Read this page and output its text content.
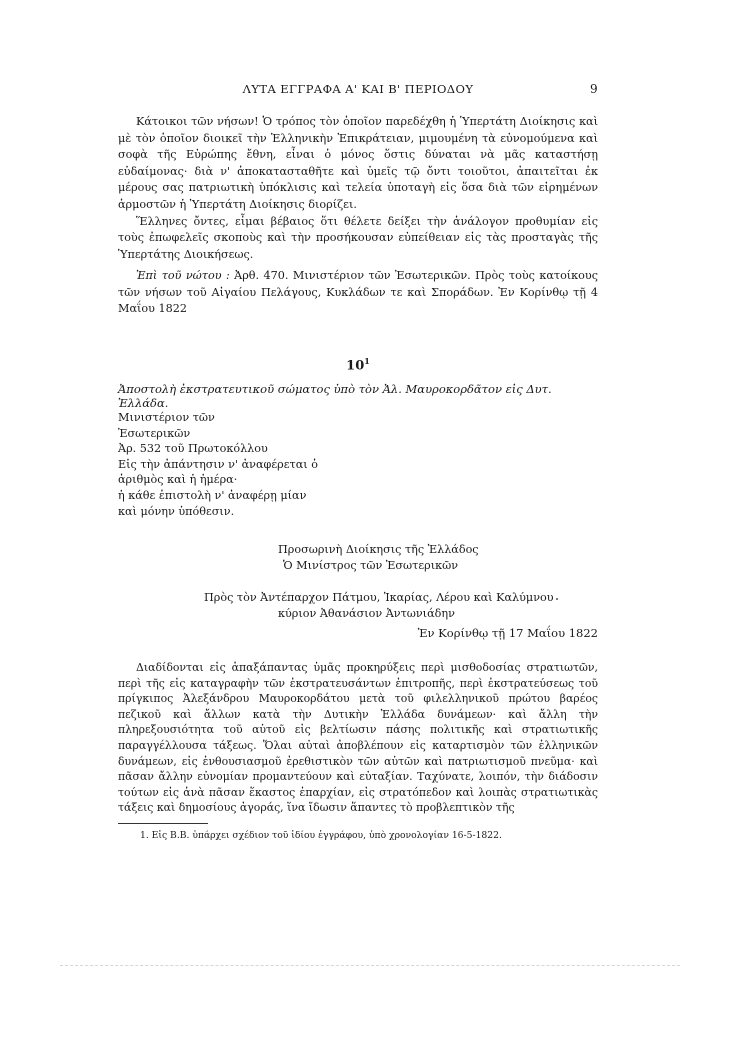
ΛΥΤΑ ΕΓΓΡΑΦΑ Α' ΚΑΙ Β' ΠΕΡΙΟΔΟΥ	9

Κάτοικοι τῶν νήσων! Ὁ τρόπος τὸν ὁποῖον παρεδέχθη ἡ Ὑπερτάτη Διοίκησις καὶ μὲ τὸν ὁποῖον διοικεῖ τὴν Ἑλληνικὴν Ἐπικράτειαν, μιμουμένη τὰ εὐνομούμενα καὶ σοφὰ τῆς Εὐρώπης ἔθνη, εἶναι ὁ μόνος ὅστις δύναται νὰ μᾶς καταστήσῃ εὐδαίμονας· διὰ ν' ἀποκατασταθῆτε καὶ ὑμεῖς τῷ ὄντι τοιοῦτοι, ἀπαιτεῖται ἐκ μέρους σας πατριωτικὴ ὑπόκλισις καὶ τελεία ὑποταγὴ εἰς ὅσα διὰ τῶν εἰρημένων ἁρμοστῶν ἡ Ὑπερτάτη Διοίκησις διορίζει.

Ἕλληνες ὄντες, εἶμαι βέβαιος ὅτι θέλετε δείξει τὴν ἀνάλογον προθυμίαν εἰς τοὺς ἐπωφελεῖς σκοποὺς καὶ τὴν προσήκουσαν εὐπείθειαν εἰς τὰς προσταγὰς τῆς Ὑπερτάτης Διοικήσεως.

Ἐπὶ τοῦ νώτου : Ἀρθ. 470. Μινιστέριον τῶν Ἐσωτερικῶν. Πρὸς τοὺς κατοίκους τῶν νήσων τοῦ Αἰγαίου Πελάγους, Κυκλάδων τε καὶ Σποράδων. Ἐν Κορίνθῳ τῇ 4 Μαΐου 1822

$10^1$
Ἀποστολὴ ἐκστρατευτικοῦ σώματος ὑπὸ τὸν Ἀλ. Μαυροκορδᾶτον εἰς Δυτ. Ἑλλάδα.
Μινιστέριον τῶν
Ἐσωτερικῶν
Ἀρ. 532 τοῦ Πρωτοκόλλου
Εἰς τὴν ἀπάντησιν ν' ἀναφέρεται ὁ
ἀριθμὸς καὶ ἡ ἡμέρα·
ἡ κάθε ἐπιστολὴ ν' ἀναφέρῃ μίαν
καὶ μόνην ὑπόθεσιν.
Προσωρινὴ Διοίκησις τῆς Ἑλλάδος
Ὁ Μινίστρος τῶν Ἐσωτερικῶν
Πρὸς τὸν Ἀντέπαρχον Πάτμου, Ἰκαρίας, Λέρου καὶ Καλύμνου
κύριον Ἀθανάσιον Ἀντωνιάδην
Ἐν Κορίνθῳ τῇ 17 Μαΐου 1822

Διαδίδονται εἰς ἁπαξάπαντας ὑμᾶς προκηρύξεις περὶ μισθοδοσίας στρατιωτῶν, περὶ τῆς εἰς καταγραφὴν τῶν ἐκστρατευσάντων ἐπιτροπῆς, περὶ ἐκστρατεύσεως τοῦ πρίγκιπος Ἀλεξάνδρου Μαυροκορδάτου μετὰ τοῦ φιλελληνικοῦ πρώτου βαρέος πεζικοῦ καὶ ἄλλων κατὰ τὴν Δυτικὴν Ἑλλάδα δυνάμεων· καὶ ἄλλη τὴν πληρεξουσιότητα τοῦ αὐτοῦ εἰς βελτίωσιν πάσης πολιτικῆς καὶ στρατιωτικῆς παραγγέλλουσα τάξεως. Ὅλαι αὐταὶ ἀποβλέπουν εἰς καταρτισμὸν τῶν ἑλληνικῶν δυνάμεων, εἰς ἐνθουσιασμοῦ ἐρεθιστικὸν τῶν αὐτῶν καὶ πατριωτισμοῦ πνεῦμα· καὶ πᾶσαν ἄλλην εὐνομίαν προμαντεύουν καὶ εὐταξίαν. Ταχύνατε, λοιπόν, τὴν διάδοσιν τούτων εἰς ἀνὰ πᾶσαν ἕκαστος ἐπαρχίαν, εἰς στρατόπεδον καὶ λοιπὰς στρατιωτικὰς τάξεις καὶ δημοσίους ἀγοράς, ἵνα ἴδωσιν ἅπαντες τὸ προβλεπτικὸν τῆς

1. Εἰς Β.Β. ὑπάρχει σχέδιον τοῦ ἰδίου ἐγγράφου, ὑπὸ χρονολογίαν 16-5-1822.
